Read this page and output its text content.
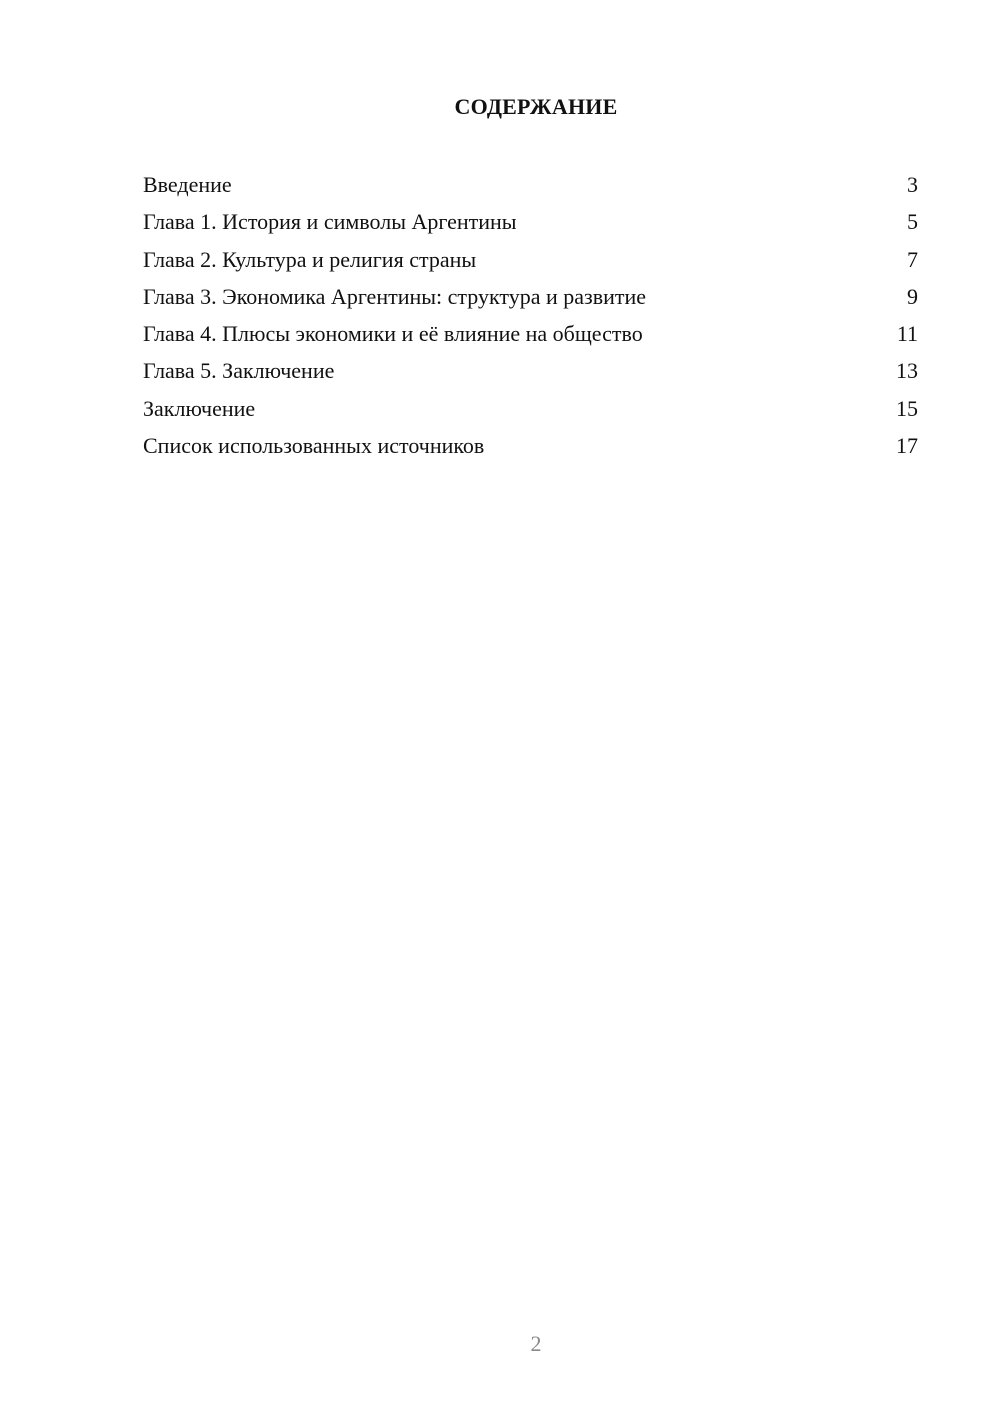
СОДЕРЖАНИЕ
Введение	3
Глава 1. История и символы Аргентины	5
Глава 2. Культура и религия страны	7
Глава 3. Экономика Аргентины: структура и развитие	9
Глава 4. Плюсы экономики и её влияние на общество	11
Глава 5. Заключение	13
Заключение	15
Список использованных источников	17
2
